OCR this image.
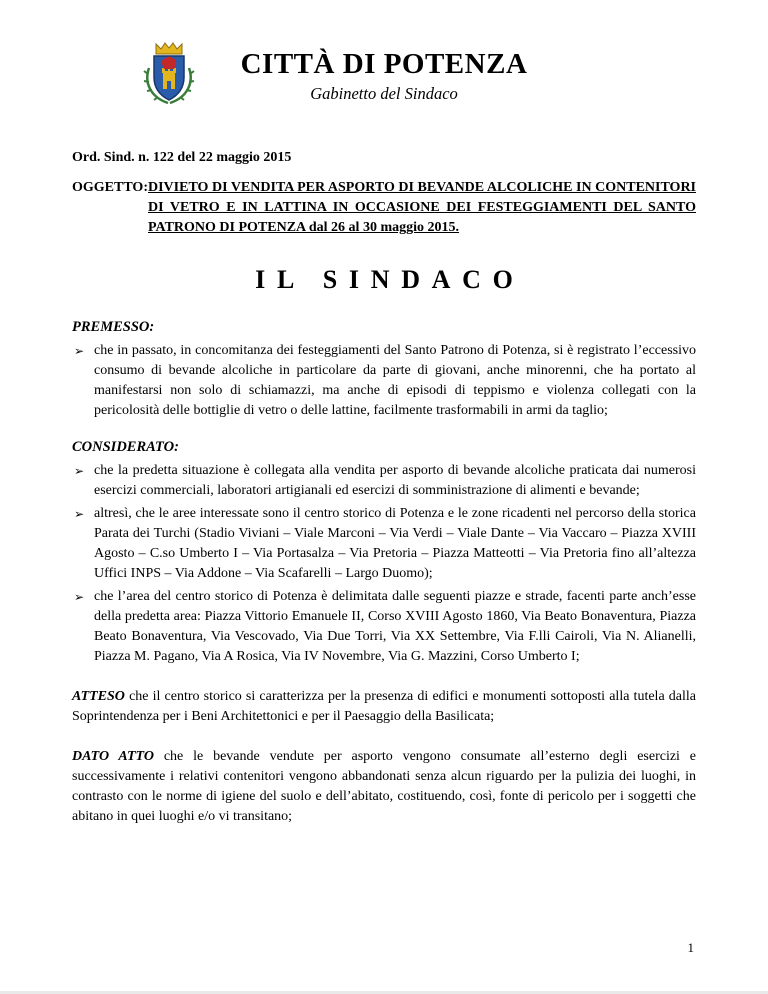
CITTÀ DI POTENZA
Gabinetto del Sindaco

Ord. Sind. n. 122 del 22 maggio 2015

OGGETTO: DIVIETO DI VENDITA PER ASPORTO DI BEVANDE ALCOLICHE IN CONTENITORI DI VETRO E IN LATTINA IN OCCASIONE DEI FESTEGGIAMENTI DEL SANTO PATRONO DI POTENZA dal 26 al 30 maggio 2015.
IL SINDACO

PREMESSO:

➢ che in passato, in concomitanza dei festeggiamenti del Santo Patrono di Potenza, si è registrato l’eccessivo consumo di bevande alcoliche in particolare da parte di giovani, anche minorenni, che ha portato al manifestarsi non solo di schiamazzi, ma anche di episodi di teppismo e violenza collegati con la pericolosità delle bottiglie di vetro o delle lattine, facilmente trasformabili in armi da taglio;

CONSIDERATO:

➢ che la predetta situazione è collegata alla vendita per asporto di bevande alcoliche praticata dai numerosi esercizi commerciali, laboratori artigianali ed esercizi di somministrazione di alimenti e bevande;
➢ altresì, che le aree interessate sono il centro storico di Potenza e le zone ricadenti nel percorso della storica Parata dei Turchi (Stadio Viviani – Viale Marconi – Via Verdi – Viale Dante – Via Vaccaro – Piazza XVIII Agosto – C.so Umberto I – Via Portasalza – Via Pretoria – Piazza Matteotti – Via Pretoria fino all’altezza Uffici INPS – Via Addone – Via Scafarelli – Largo Duomo);
➢ che l’area del centro storico di Potenza è delimitata dalle seguenti piazze e strade, facenti parte anch’esse della predetta area: Piazza Vittorio Emanuele II, Corso XVIII Agosto 1860, Via Beato Bonaventura, Piazza Beato Bonaventura, Via Vescovado, Via Due Torri, Via XX Settembre, Via F.lli Cairoli, Via N. Alianelli, Piazza M. Pagano, Via A Rosica, Via IV Novembre, Via G. Mazzini, Corso Umberto I;

ATTESO che il centro storico si caratterizza per la presenza di edifici e monumenti sottoposti alla tutela dalla Soprintendenza per i Beni Architettonici e per il Paesaggio della Basilicata;

DATO ATTO che le bevande vendute per asporto vengono consumate all’esterno degli esercizi e successivamente i relativi contenitori vengono abbandonati senza alcun riguardo per la pulizia dei luoghi, in contrasto con le norme di igiene del suolo e dell’abitato, costituendo, così, fonte di pericolo per i soggetti che abitano in quei luoghi e/o vi transitano;

1
